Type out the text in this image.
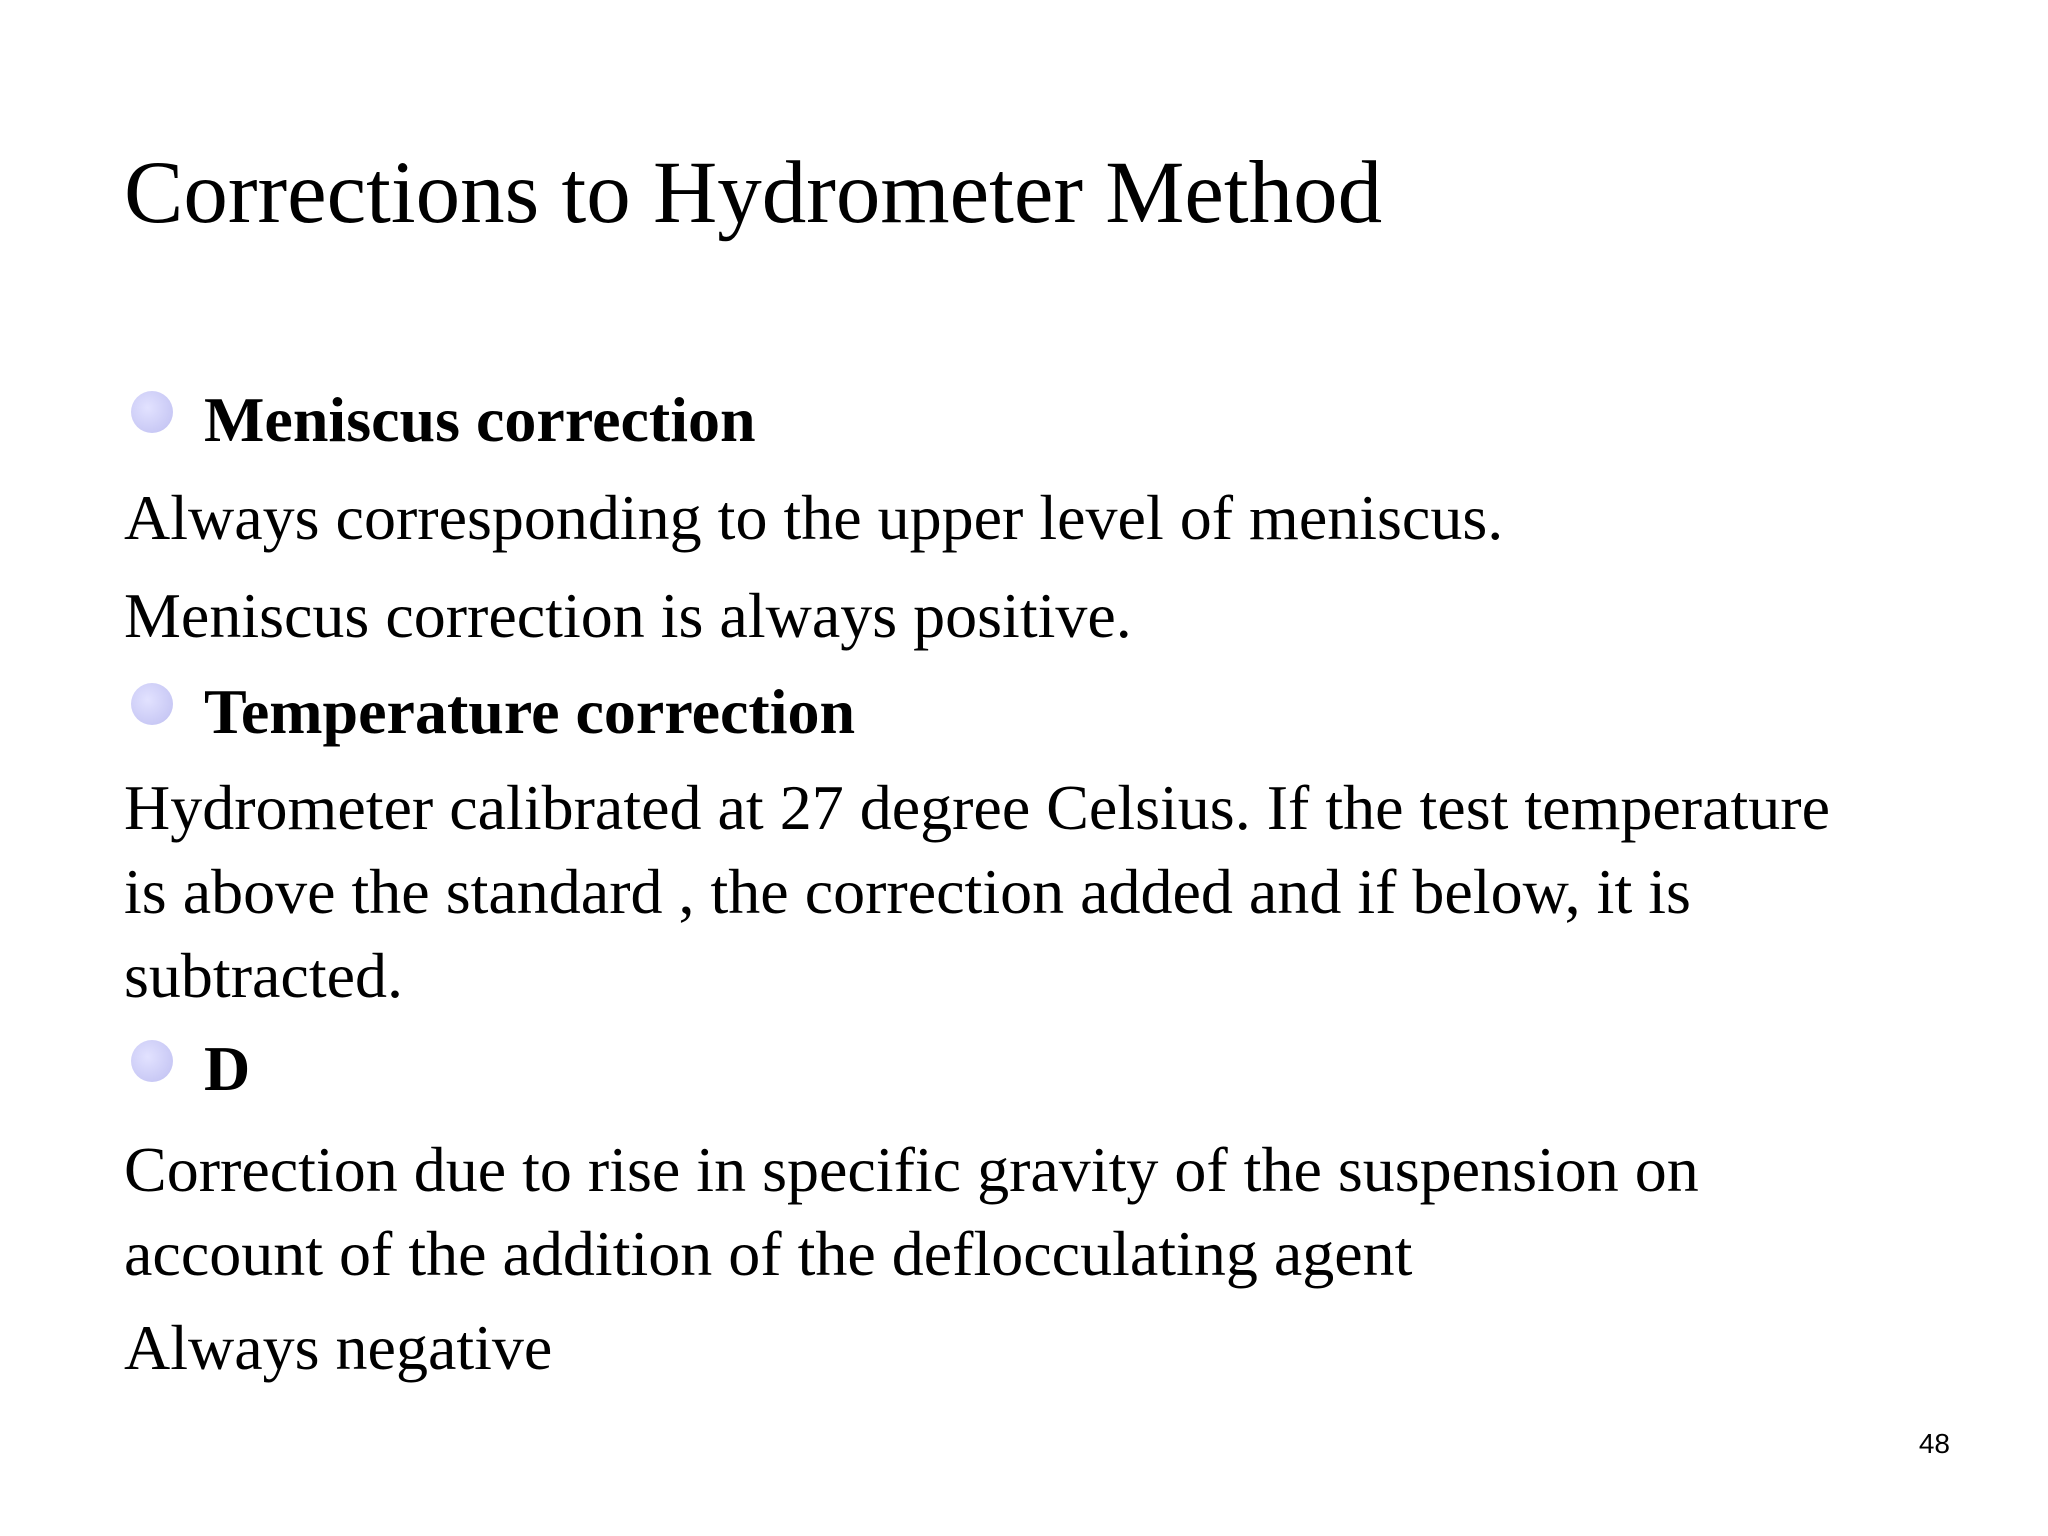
Corrections to Hydrometer Method
Meniscus correction
Always corresponding to the upper level of meniscus.
Meniscus correction is always positive.
Temperature correction
Hydrometer calibrated at 27 degree Celsius. If the test temperature is above the standard , the correction added and if below, it is subtracted.
D
Correction due to rise in specific gravity of the suspension on account of the addition of the deflocculating agent
Always negative
48
